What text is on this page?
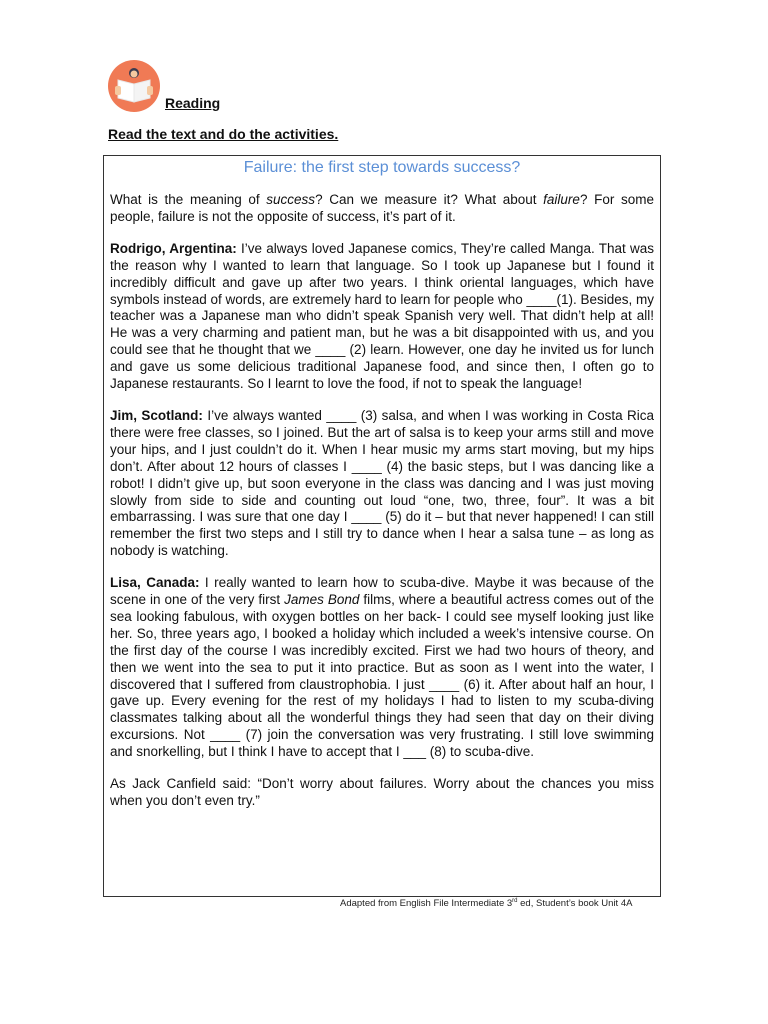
Reading
Read the text and do the activities.
Failure: the first step towards success?

What is the meaning of success? Can we measure it? What about failure? For some people, failure is not the opposite of success, it’s part of it.

Rodrigo, Argentina: I’ve always loved Japanese comics, They’re called Manga. That was the reason why I wanted to learn that language. So I took up Japanese but I found it incredibly difficult and gave up after two years. I think oriental languages, which have symbols instead of words, are extremely hard to learn for people who ____(1). Besides, my teacher was a Japanese man who didn’t speak Spanish very well. That didn’t help at all! He was a very charming and patient man, but he was a bit disappointed with us, and you could see that he thought that we ____ (2) learn. However, one day he invited us for lunch and gave us some delicious traditional Japanese food, and since then, I often go to Japanese restaurants. So I learnt to love the food, if not to speak the language!

Jim, Scotland: I’ve always wanted ____ (3) salsa, and when I was working in Costa Rica there were free classes, so I joined. But the art of salsa is to keep your arms still and move your hips, and I just couldn’t do it. When I hear music my arms start moving, but my hips don’t. After about 12 hours of classes I ____ (4) the basic steps, but I was dancing like a robot! I didn’t give up, but soon everyone in the class was dancing and I was just moving slowly from side to side and counting out loud “one, two, three, four”. It was a bit embarrassing. I was sure that one day I ____ (5) do it – but that never happened! I can still remember the first two steps and I still try to dance when I hear a salsa tune – as long as nobody is watching.

Lisa, Canada: I really wanted to learn how to scuba-dive. Maybe it was because of the scene in one of the very first James Bond films, where a beautiful actress comes out of the sea looking fabulous, with oxygen bottles on her back- I could see myself looking just like her. So, three years ago, I booked a holiday which included a week’s intensive course. On the first day of the course I was incredibly excited. First we had two hours of theory, and then we went into the sea to put it into practice. But as soon as I went into the water, I discovered that I suffered from claustrophobia. I just ____ (6) it. After about half an hour, I gave up. Every evening for the rest of my holidays I had to listen to my scuba-diving classmates talking about all the wonderful things they had seen that day on their diving excursions. Not ____ (7) join the conversation was very frustrating. I still love swimming and snorkelling, but I think I have to accept that I ___ (8) to scuba-dive.

As Jack Canfield said: “Don’t worry about failures. Worry about the chances you miss when you don’t even try.”

Adapted from English File Intermediate 3rd ed, Student’s book Unit 4A
